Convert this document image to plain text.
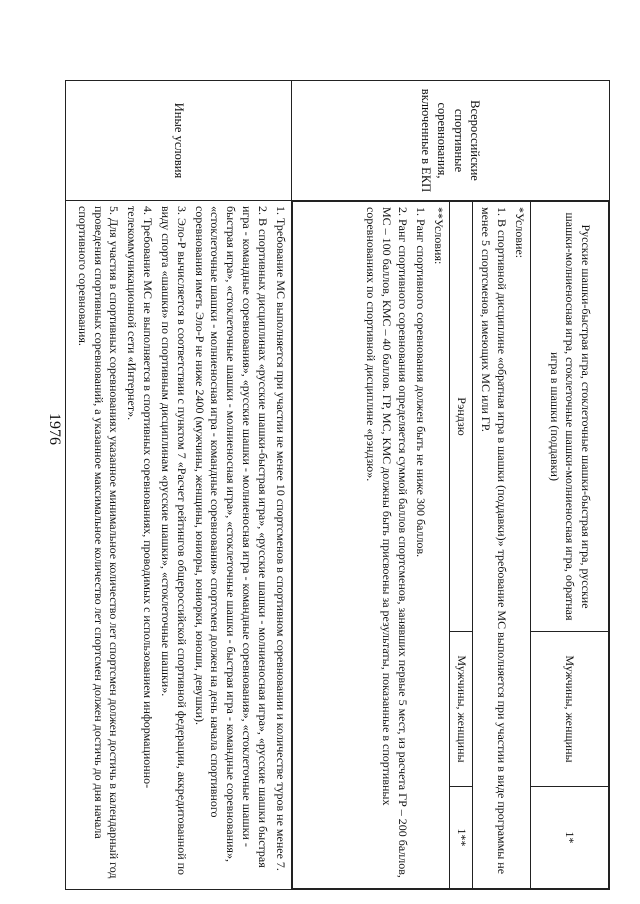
1976
Всероссийские спортивные соревнования, включенные в ЕКП	
Русские шашки-быстрая игра, стоклеточные шашки-быстрая игра, русские шашки-молниеносная игра, стоклеточные шашки-молниеносная игра, обратная игра в шашки (поддавки)	Мужчины, женщины	1*

*Условие:

1. В спортивной дисциплине «обратная игра в шашки (поддавки)» требование МС выполняется при участии в виде программы не менее 5 спортсменов, имеющих МС или ГР.

Рэндзю	Мужчины, женщины	1**

**Условия:

1. Ранг спортивного соревнования должен быть не ниже 300 баллов.

2. Ранг спортивного соревнования определяется суммой баллов спортсменов, занявших первые 5 мест, из расчета ГР – 200 баллов, МС – 100 баллов, КМС – 40 баллов. ГР, МС, КМС должны быть присвоены за результаты, показанные в спортивных соревнованиях по спортивной дисциплине «рэндзю».

Иные условия	

1. Требование МС выполняется при участии не менее 10 спортсменов в спортивном соревновании и количестве туров не менее 7.

2. В спортивных дисциплинах «русские шашки-быстрая игра», «русские шашки - молниеносная игра», «русские шашки быстрая игра - командные соревнования», «русские шашки - молниеносная игра - командные соревнования», «стоклеточные шашки - быстрая игра», «стоклеточные шашки - молниеносная игра», «стоклеточные шашки - быстрая игра - командные соревнования», «стоклеточные шашки - молниеносная игра - командные соревнования» спортсмен должен на день начала спортивного соревнования иметь Эло-Р не ниже 2400 (мужчины, женщины, юниоры, юниорки, юноши, девушки).

3. Эло-Р вычисляется в соответствии с пунктом 7 «Расчет рейтингов общероссийской спортивной федерации, аккредитованной по виду спорта «шашки» по спортивным дисциплинам «русские шашки», «стоклеточные шашки».

4. Требование МС не выполняется в спортивных соревнованиях, проводимых с использованием информационно-телекоммуникационной сети «Интернет».

5. Для участия в спортивных соревнованиях указанное минимальное количество лет спортсмен должен достичь в календарный год проведения спортивных соревнований, а указанное максимальное количество лет спортсмен должен достичь до дня начала спортивного соревнования.
